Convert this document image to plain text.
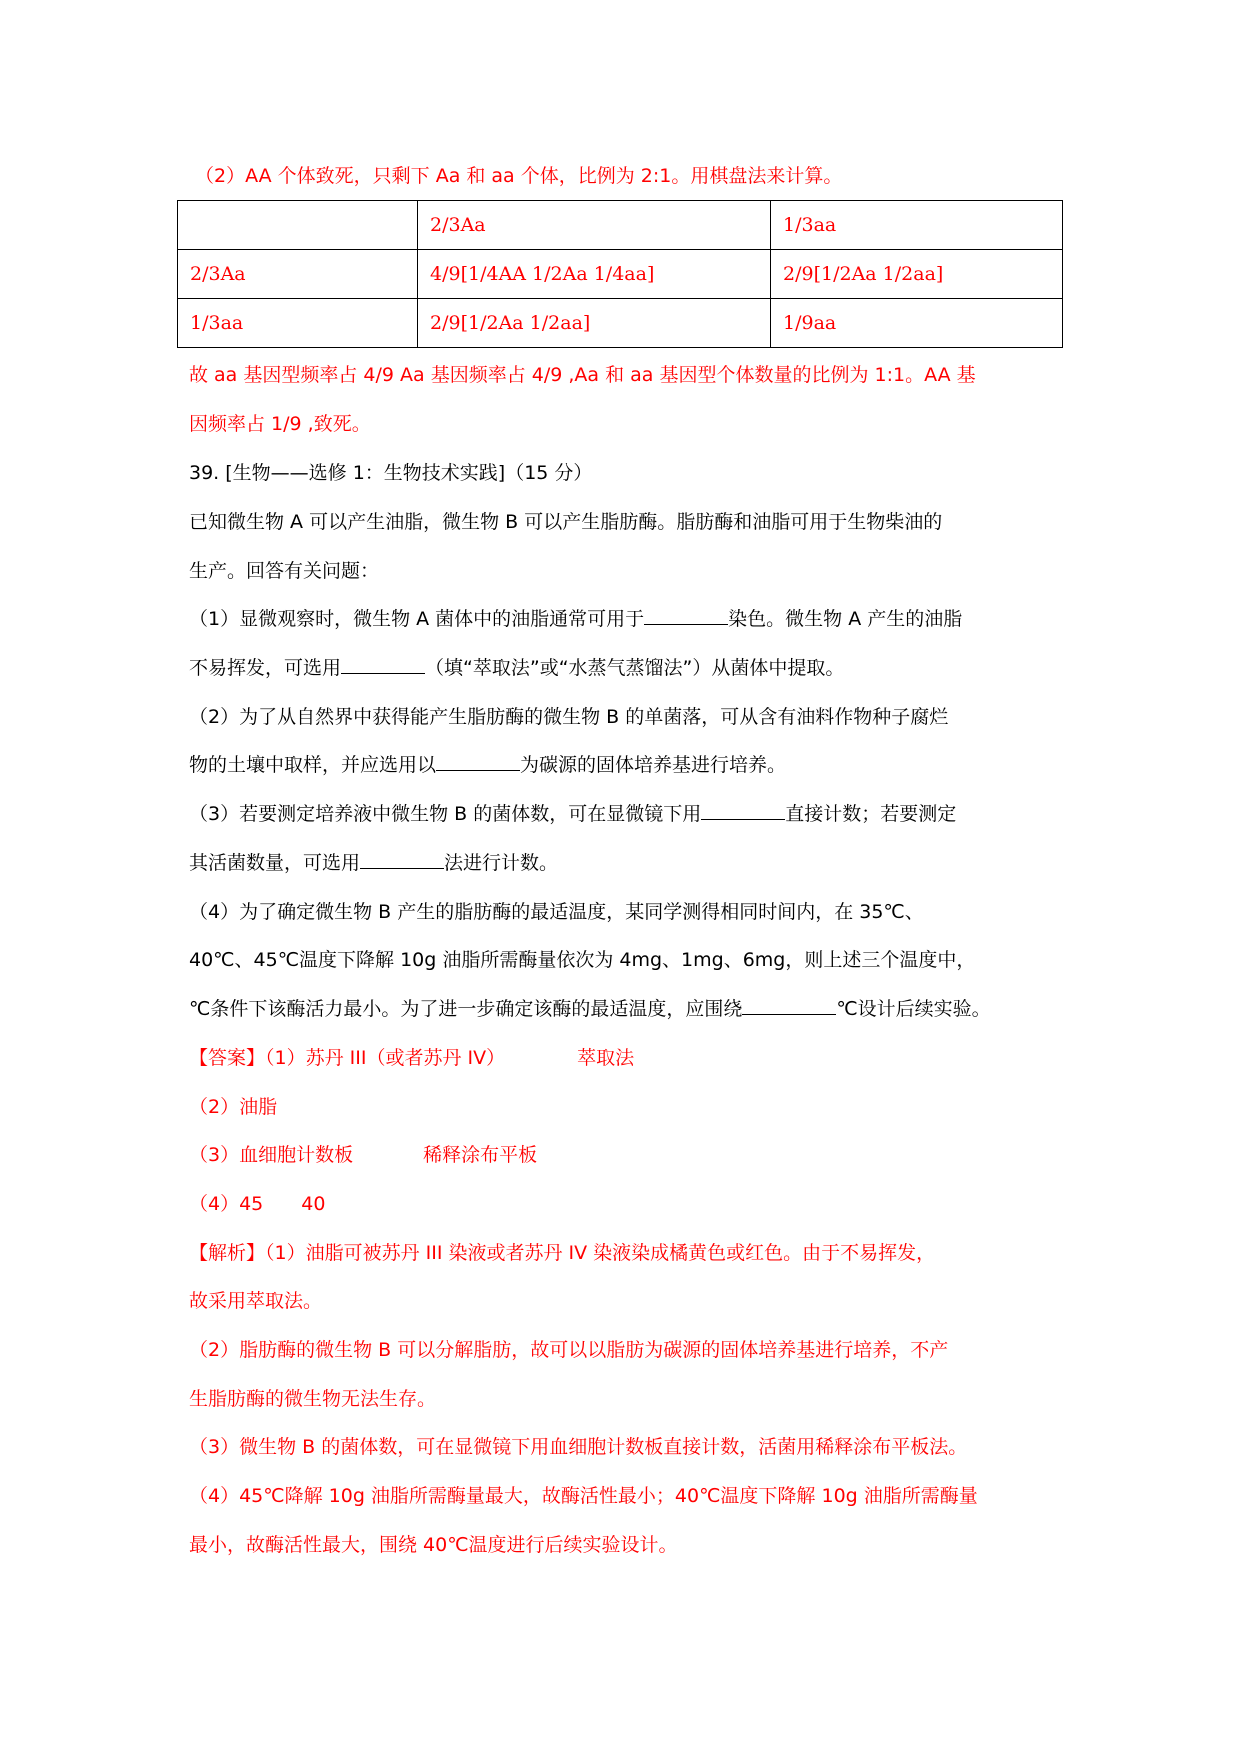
（2）AA 个体致死，只剩下 Aa 和 aa 个体，比例为 2:1。用棋盘法来计算。
	2/3Aa	1/3aa
2/3Aa	4/9[1/4AA 1/2Aa 1/4aa]	2/9[1/2Aa 1/2aa]
1/3aa	2/9[1/2Aa 1/2aa]	1/9aa
故 aa 基因型频率占 4/9 Aa 基因频率占 4/9 ,Aa 和 aa 基因型个体数量的比例为 1:1。AA 基
因频率占 1/9 ,致死。
39. [生物——选修 1：生物技术实践]（15 分）
已知微生物 A 可以产生油脂，微生物 B 可以产生脂肪酶。脂肪酶和油脂可用于生物柴油的
生产。回答有关问题：
（1）显微观察时，微生物 A 菌体中的油脂通常可用于	染色。微生物 A 产生的油脂
不易挥发，可选用	（填“萃取法”或“水蒸气蒸馏法”）从菌体中提取。
（2）为了从自然界中获得能产生脂肪酶的微生物 B 的单菌落，可从含有油料作物种子腐烂
物的土壤中取样，并应选用以	为碳源的固体培养基进行培养。
（3）若要测定培养液中微生物 B 的菌体数，可在显微镜下用	直接计数；若要测定
其活菌数量，可选用	法进行计数。
（4）为了确定微生物 B 产生的脂肪酶的最适温度，某同学测得相同时间内，在 35℃、
40℃、45℃温度下降解 10g 油脂所需酶量依次为 4mg、1mg、6mg，则上述三个温度中，
℃条件下该酶活力最小。为了进一步确定该酶的最适温度，应围绕	℃设计后续实验。
【答案】（1）苏丹 III（或者苏丹 IV）	萃取法
（2）油脂
（3）血细胞计数板	稀释涂布平板
（4）45 40
【解析】（1）油脂可被苏丹 III 染液或者苏丹 IV 染液染成橘黄色或红色。由于不易挥发，
故采用萃取法。
（2）脂肪酶的微生物 B 可以分解脂肪，故可以以脂肪为碳源的固体培养基进行培养，不产
生脂肪酶的微生物无法生存。
（3）微生物 B 的菌体数，可在显微镜下用血细胞计数板直接计数，活菌用稀释涂布平板法。
（4）45℃降解 10g 油脂所需酶量最大，故酶活性最小；40℃温度下降解 10g 油脂所需酶量
最小，故酶活性最大，围绕 40℃温度进行后续实验设计。
